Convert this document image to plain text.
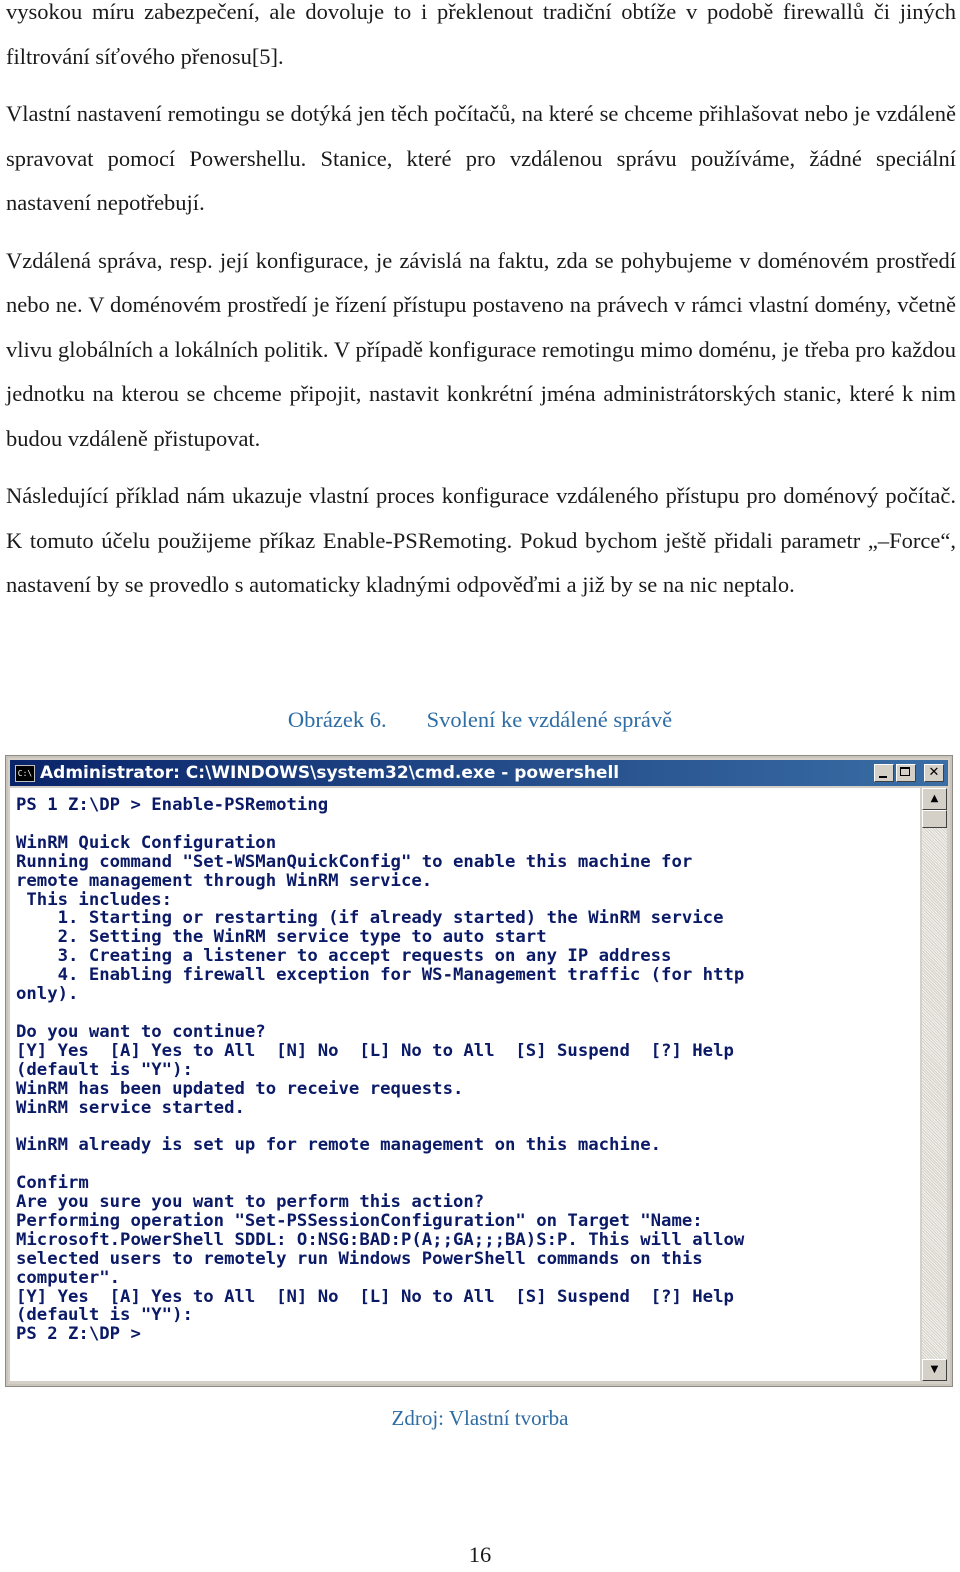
vysokou míru zabezpečení, ale dovoluje to i překlenout tradiční obtíže v podobě firewallů či jiných filtrování síťového přenosu[5].

Vlastní nastavení remotingu se dotýká jen těch počítačů, na které se chceme přihlašovat nebo je vzdáleně spravovat pomocí Powershellu. Stanice, které pro vzdálenou správu používáme, žádné speciální nastavení nepotřebují.

Vzdálená správa, resp. její konfigurace, je závislá na faktu, zda se pohybujeme v doménovém prostředí nebo ne. V doménovém prostředí je řízení přístupu postaveno na právech v rámci vlastní domény, včetně vlivu globálních a lokálních politik. V případě konfigurace remotingu mimo doménu, je třeba pro každou jednotku na kterou se chceme připojit, nastavit konkrétní jména administrátorských stanic, které k nim budou vzdáleně přistupovat.

Následující příklad nám ukazuje vlastní proces konfigurace vzdáleného přístupu pro doménový počítač. K tomuto účelu použijeme příkaz Enable-PSRemoting. Pokud bychom ještě přidali parametr „–Force“, nastavení by se provedlo s automaticky kladnými odpověďmi a již by se na nic neptalo.

Obrázek 6. Svolení ke vzdálené správě
C:\ Administrator: C:\WINDOWS\system32\cmd.exe - powershell	✕
PS 1 Z:\DP > Enable-PSRemoting

WinRM Quick Configuration
Running command "Set-WSManQuickConfig" to enable this machine for
remote management through WinRM service.
This includes:
1. Starting or restarting (if already started) the WinRM service
2. Setting the WinRM service type to auto start
3. Creating a listener to accept requests on any IP address
4. Enabling firewall exception for WS-Management traffic (for http
only).

Do you want to continue?
[Y] Yes  [A] Yes to All  [N] No  [L] No to All  [S] Suspend  [?] Help
(default is "Y"):
WinRM has been updated to receive requests.
WinRM service started.

WinRM already is set up for remote management on this machine.

Confirm
Are you sure you want to perform this action?
Performing operation "Set-PSSessionConfiguration" on Target "Name:
Microsoft.PowerShell SDDL: O:NSG:BAD:P(A;;GA;;;BA)S:P. This will allow
selected users to remotely run Windows PowerShell commands on this
computer".
[Y] Yes  [A] Yes to All  [N] No  [L] No to All  [S] Suspend  [?] Help
(default is "Y"):
PS 2 Z:\DP >

▲
▼
Zdroj: Vlastní tvorba
16
